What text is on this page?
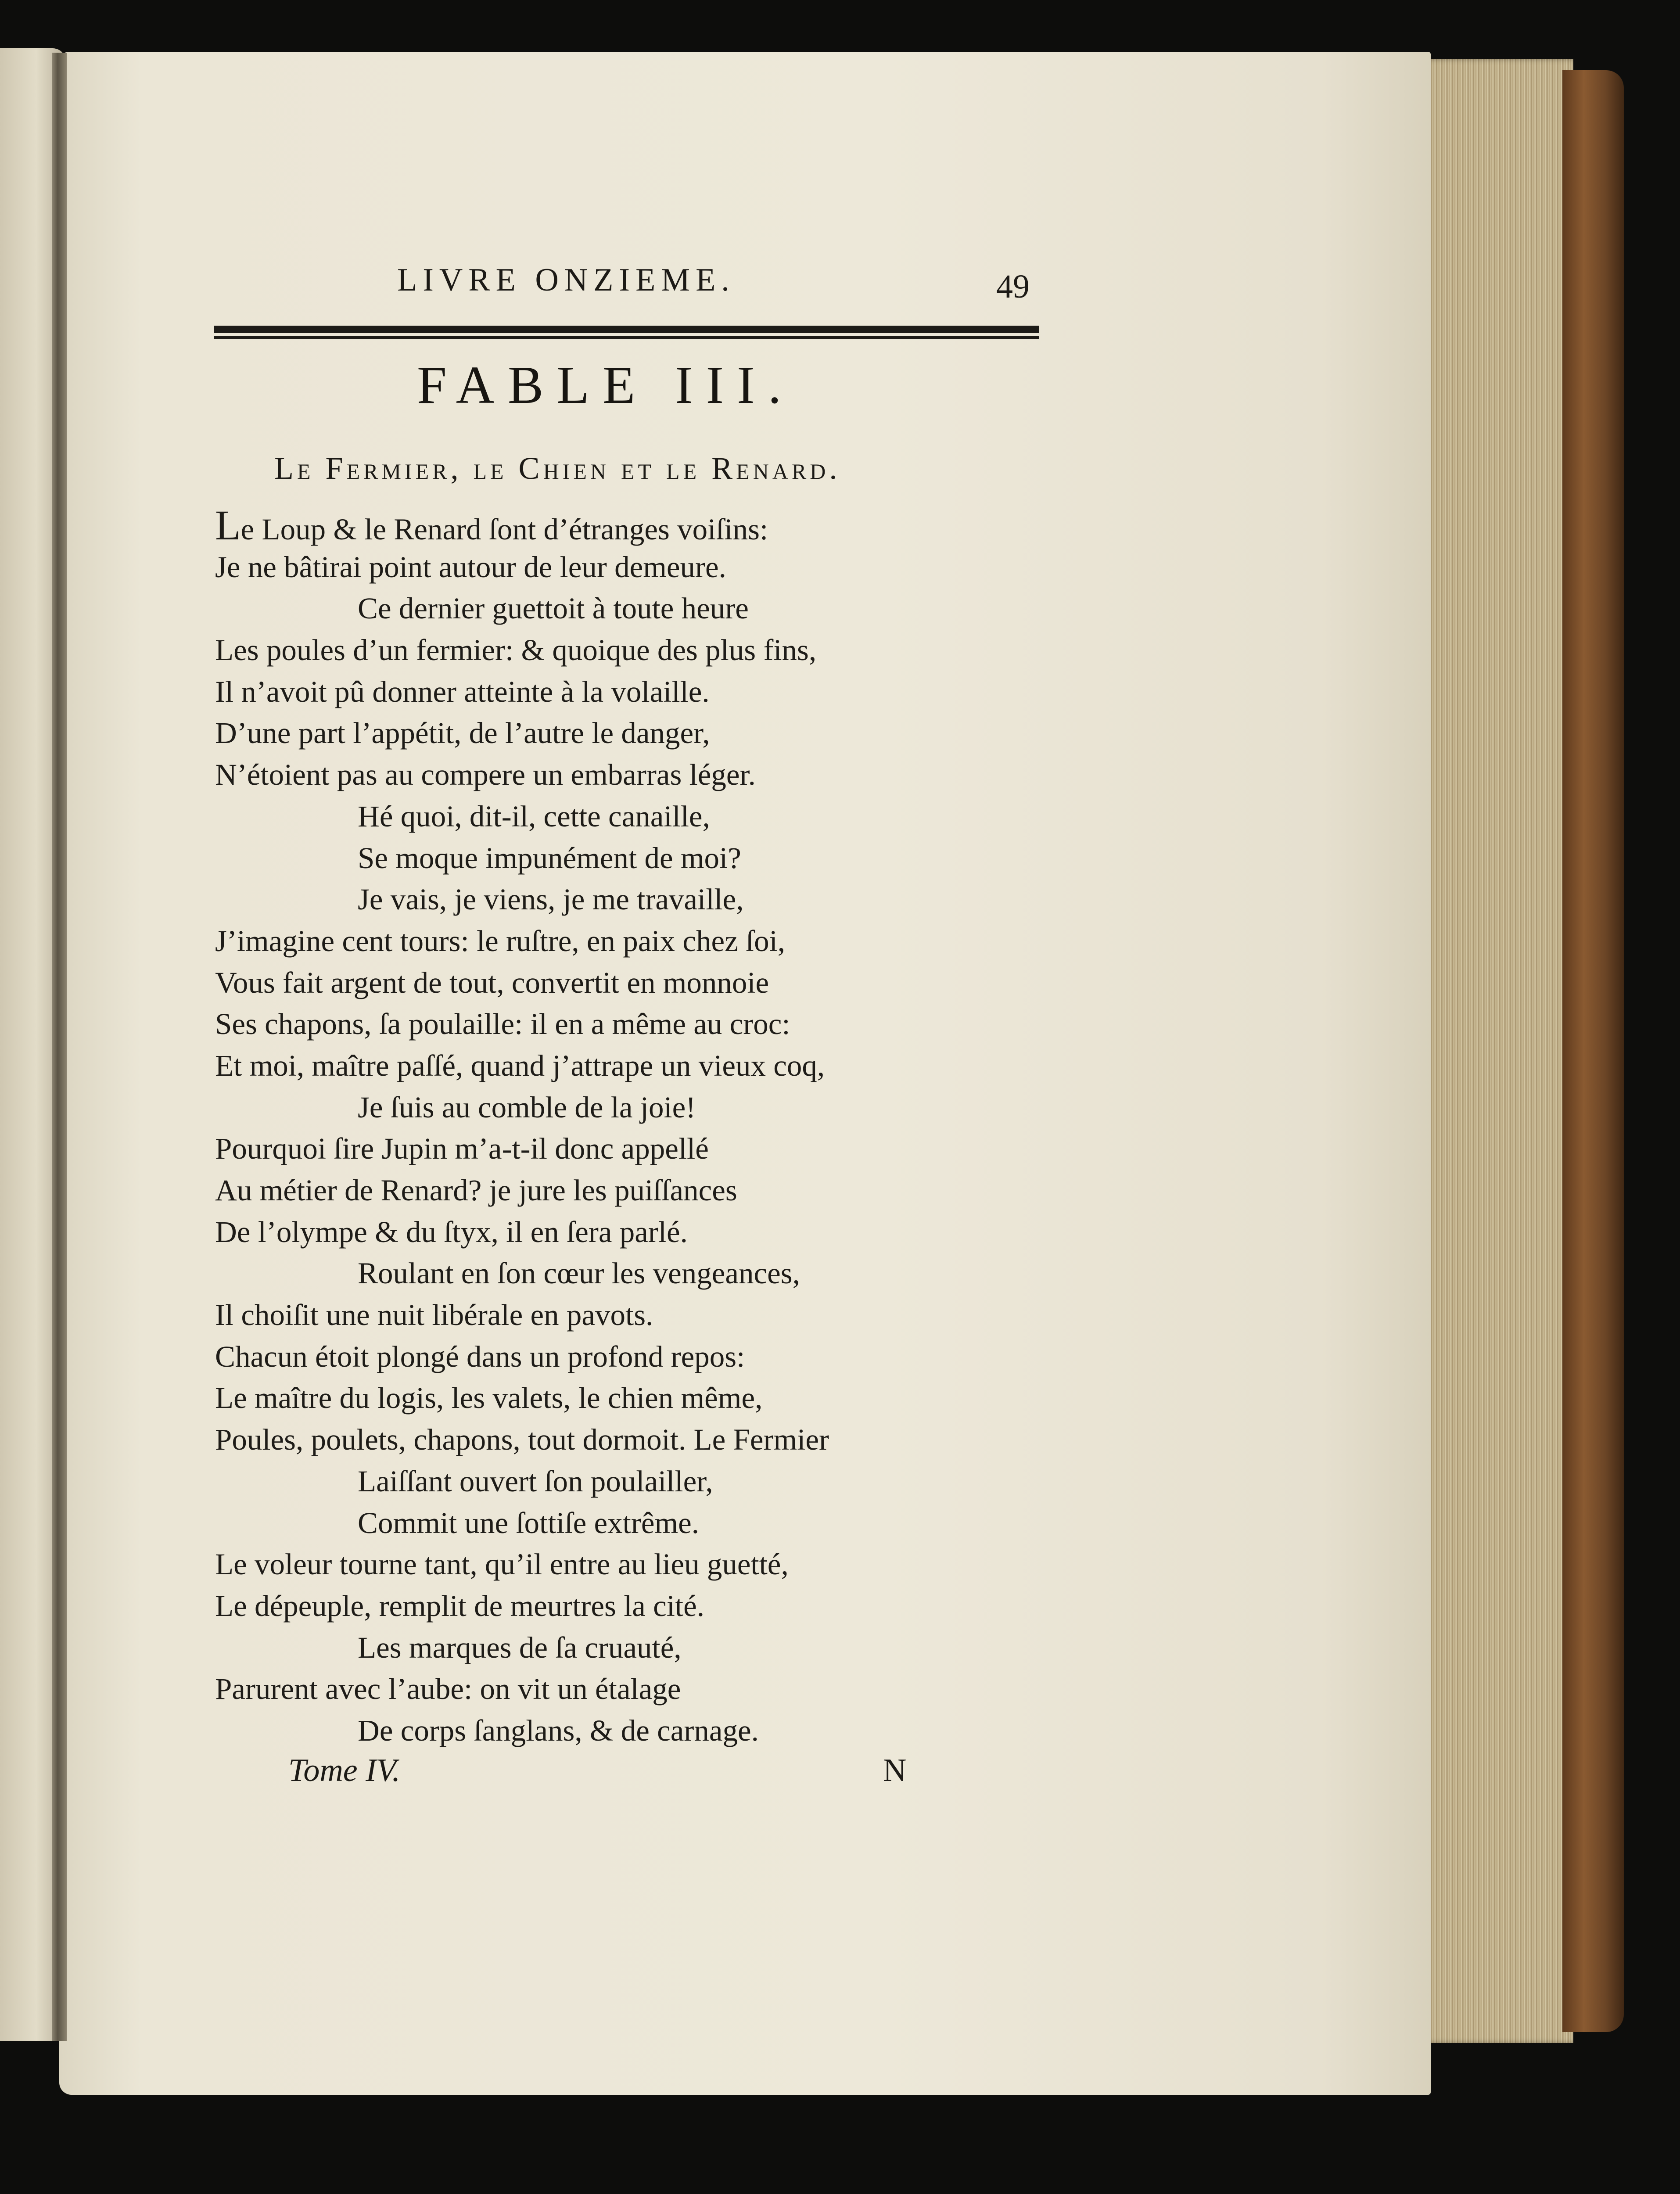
LIVRE ONZIEME.	49
FABLE III.
Le Fermier, le Chien et le Renard.
Le Loup & le Renard ſont d’étranges voiſins:
Je ne bâtirai point autour de leur demeure.
Ce dernier guettoit à toute heure
Les poules d’un fermier: & quoique des plus fins,
Il n’avoit pû donner atteinte à la volaille.
D’une part l’appétit, de l’autre le danger,
N’étoient pas au compere un embarras léger.
Hé quoi, dit-il, cette canaille,
Se moque impunément de moi?
Je vais, je viens, je me travaille,
J’imagine cent tours: le ruſtre, en paix chez ſoi,
Vous fait argent de tout, convertit en monnoie
Ses chapons, ſa poulaille: il en a même au croc:
Et moi, maître paſſé, quand j’attrape un vieux coq,
Je ſuis au comble de la joie!
Pourquoi ſire Jupin m’a-t-il donc appellé
Au métier de Renard? je jure les puiſſances
De l’olympe & du ſtyx, il en ſera parlé.
Roulant en ſon cœur les vengeances,
Il choiſit une nuit libérale en pavots.
Chacun étoit plongé dans un profond repos:
Le maître du logis, les valets, le chien même,
Poules, poulets, chapons, tout dormoit. Le Fermier
Laiſſant ouvert ſon poulailler,
Commit une ſottiſe extrême.
Le voleur tourne tant, qu’il entre au lieu guetté,
Le dépeuple, remplit de meurtres la cité.
Les marques de ſa cruauté,
Parurent avec l’aube: on vit un étalage
De corps ſanglans, & de carnage.
Tome IV.	N
